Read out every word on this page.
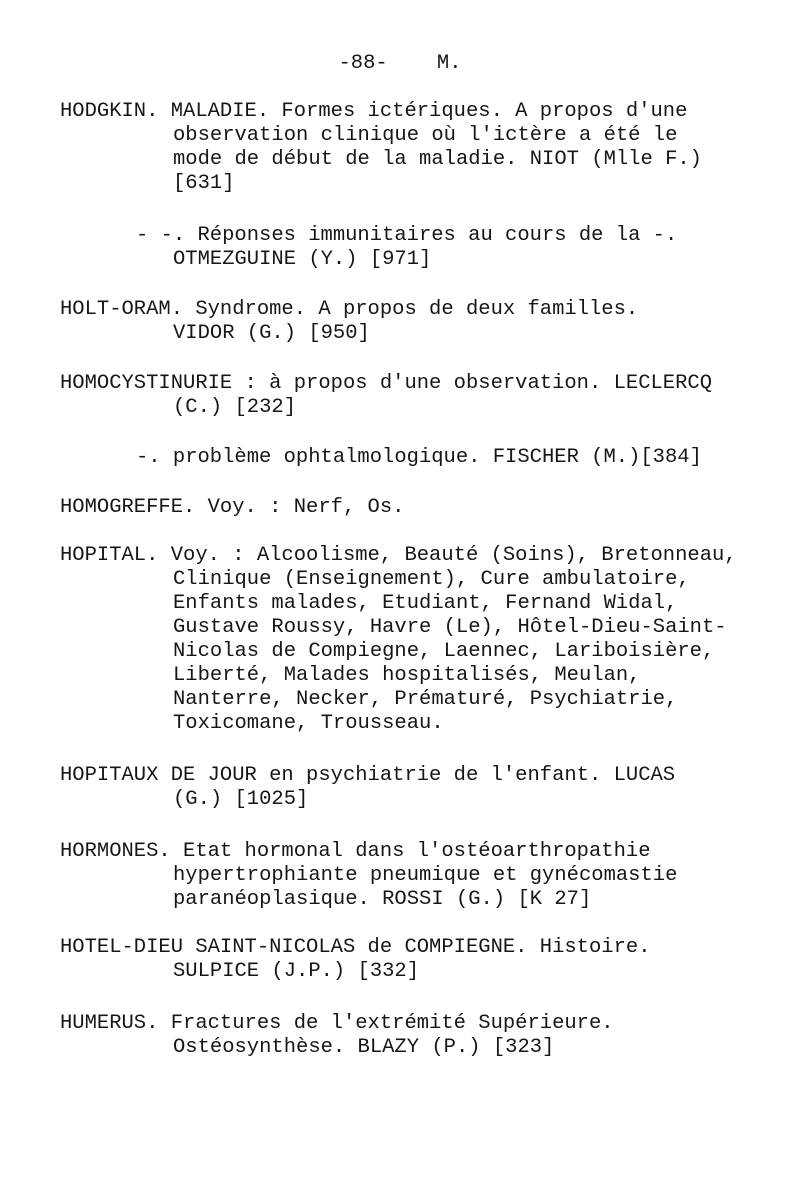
-88- M.
HODGKIN. MALADIE. Formes ictériques. A propos d'une
observation clinique où l'ictère a été le
mode de début de la maladie. NIOT (Mlle F.)
[631]
- -. Réponses immunitaires au cours de la -.
OTMEZGUINE (Y.) [971]
HOLT-ORAM. Syndrome. A propos de deux familles.
VIDOR (G.) [950]
HOMOCYSTINURIE : à propos d'une observation. LECLERCQ
(C.) [232]
-. problème ophtalmologique. FISCHER (M.)[384]
HOMOGREFFE. Voy. : Nerf, Os.
HOPITAL. Voy. : Alcoolisme, Beauté (Soins), Bretonneau,
Clinique (Enseignement), Cure ambulatoire,
Enfants malades, Etudiant, Fernand Widal,
Gustave Roussy, Havre (Le), Hôtel-Dieu-Saint-
Nicolas de Compiegne, Laennec, Lariboisière,
Liberté, Malades hospitalisés, Meulan,
Nanterre, Necker, Prématuré, Psychiatrie,
Toxicomane, Trousseau.
HOPITAUX DE JOUR en psychiatrie de l'enfant. LUCAS
(G.) [1025]
HORMONES. Etat hormonal dans l'ostéoarthropathie
hypertrophiante pneumique et gynécomastie
paranéoplasique. ROSSI (G.) [K 27]
HOTEL-DIEU SAINT-NICOLAS de COMPIEGNE. Histoire.
SULPICE (J.P.) [332]
HUMERUS. Fractures de l'extrémité Supérieure.
Ostéosynthèse. BLAZY (P.) [323]
